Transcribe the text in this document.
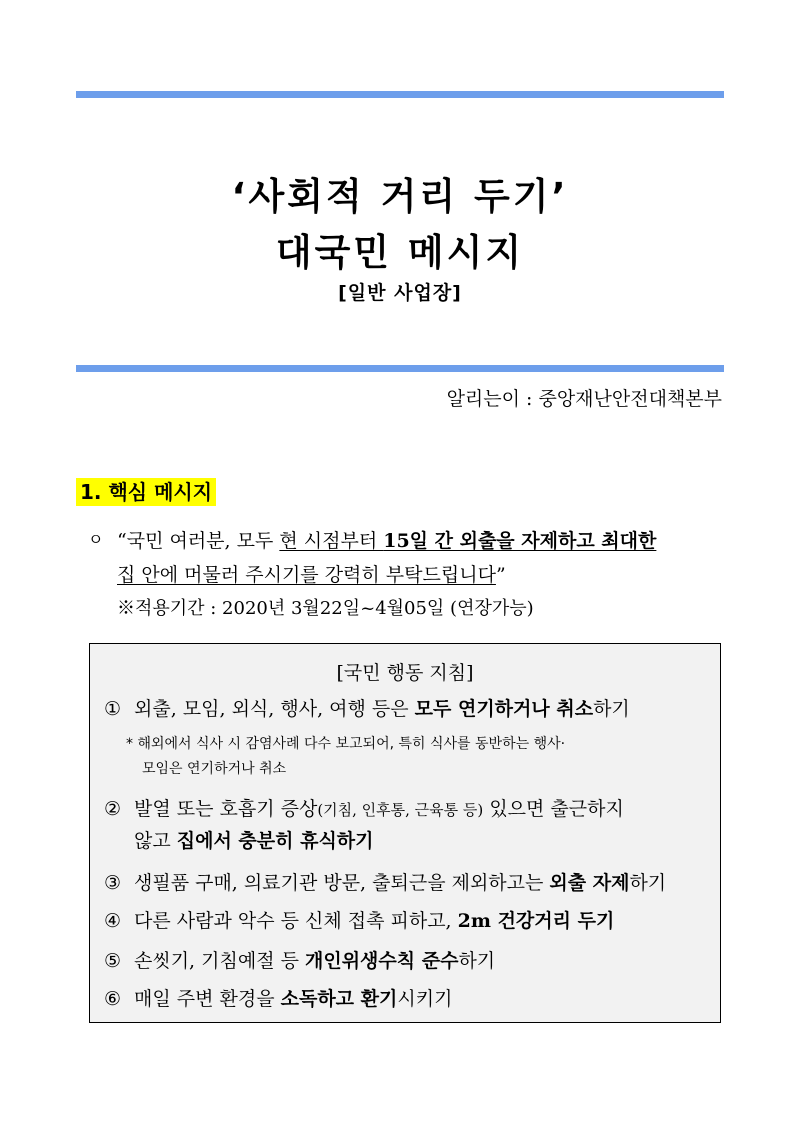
‘사회적 거리 두기’
대국민 메시지
[일반 사업장]
알리는이 : 중앙재난안전대책본부
1. 핵심 메시지
ㅇ “국민 여러분, 모두 현 시점부터 15일 간 외출을 자제하고 최대한
집 안에 머물러 주시기를 강력히 부탁드립니다”
※적용기간 : 2020년 3월22일~4월05일 (연장가능)
[국민 행동 지침]
① 외출, 모임, 외식, 행사, 여행 등은 모두 연기하거나 취소하기
* 해외에서 식사 시 감염사례 다수 보고되어, 특히 식사를 동반하는 행사·
모임은 연기하거나 취소
② 발열 또는 호흡기 증상(기침, 인후통, 근육통 등) 있으면 출근하지
않고 집에서 충분히 휴식하기
③ 생필품 구매, 의료기관 방문, 출퇴근을 제외하고는 외출 자제하기
④ 다른 사람과 악수 등 신체 접촉 피하고, 2m 건강거리 두기
⑤ 손씻기, 기침예절 등 개인위생수칙 준수하기
⑥ 매일 주변 환경을 소독하고 환기시키기
